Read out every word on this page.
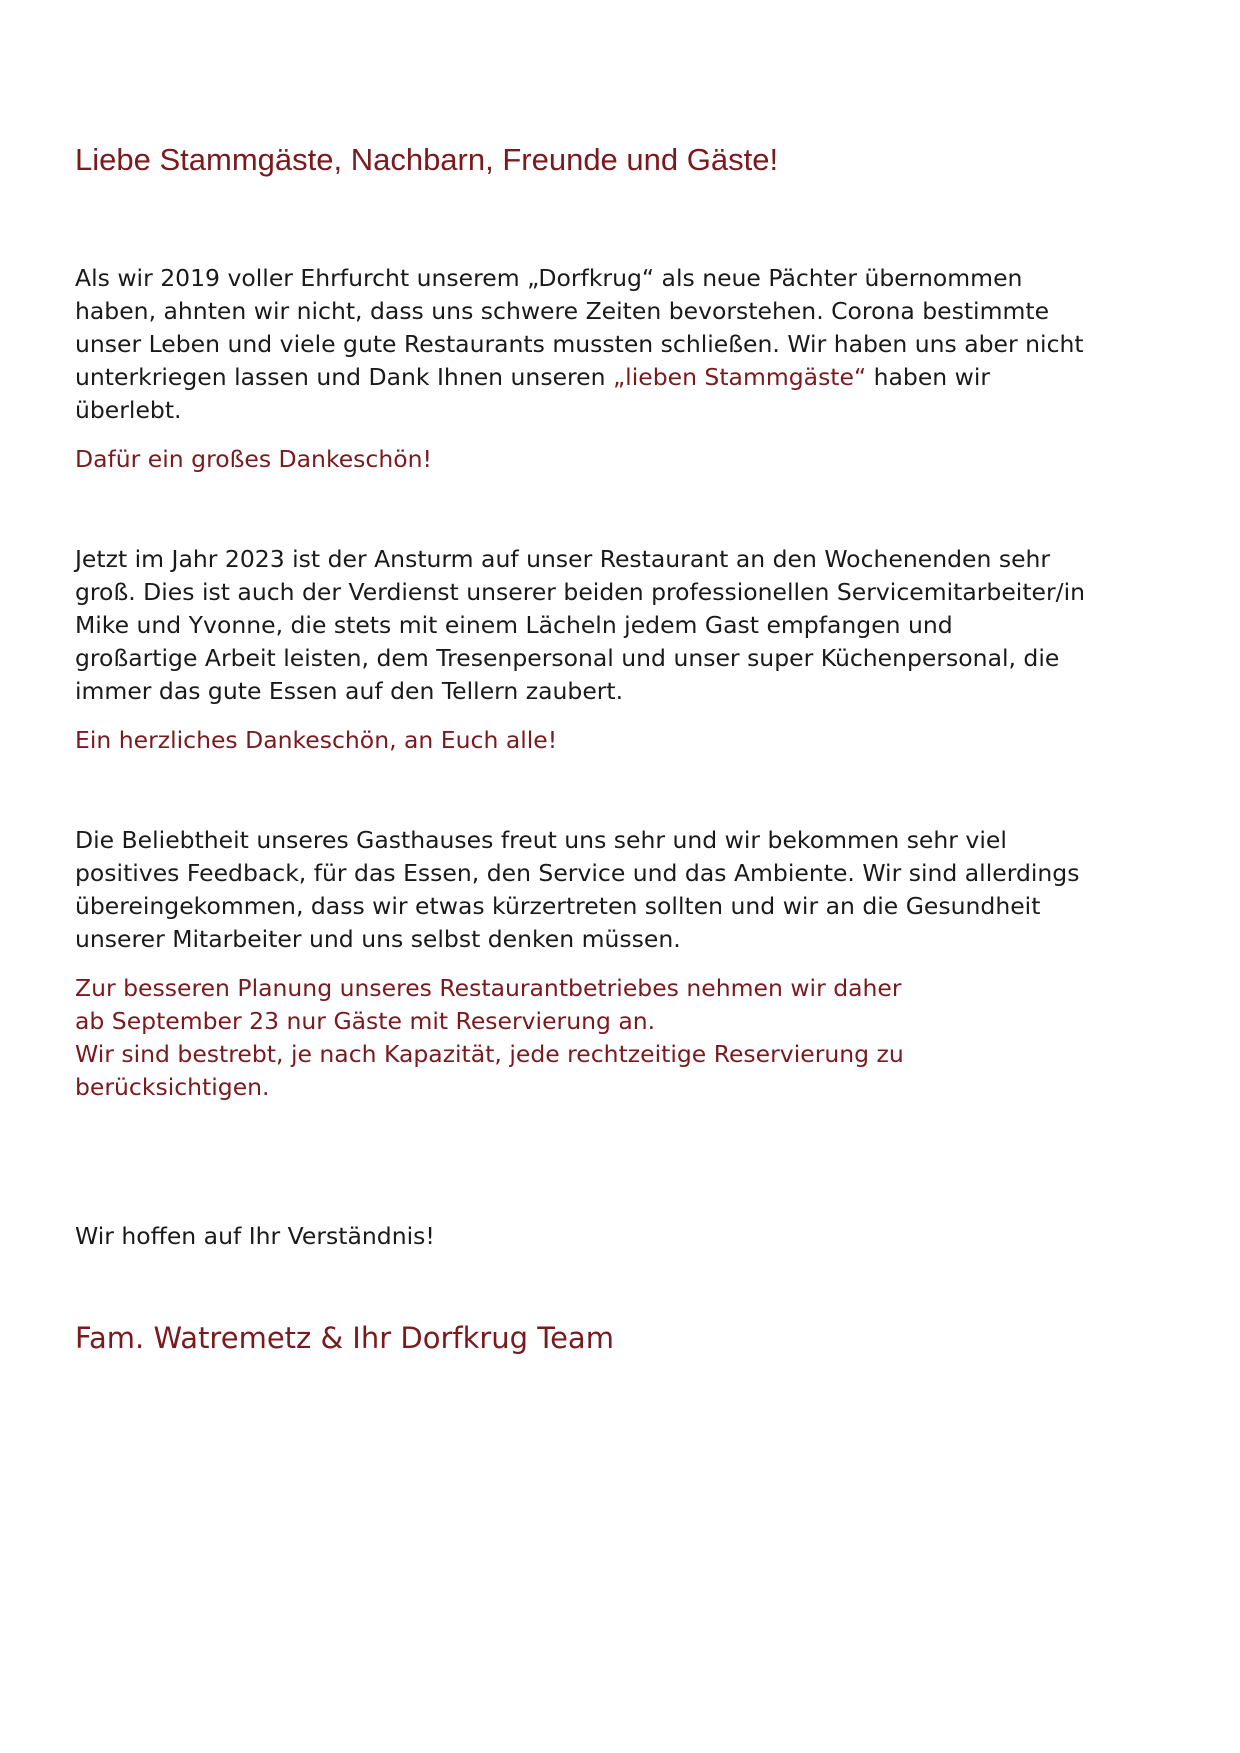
Liebe Stammgäste, Nachbarn, Freunde und Gäste!

Als wir 2019 voller Ehrfurcht unserem „Dorfkrug“ als neue Pächter übernommen
haben, ahnten wir nicht, dass uns schwere Zeiten bevorstehen. Corona bestimmte
unser Leben und viele gute Restaurants mussten schließen. Wir haben uns aber nicht
unterkriegen lassen und Dank Ihnen unseren „lieben Stammgäste“ haben wir
überlebt.

Dafür ein großes Dankeschön!

Jetzt im Jahr 2023 ist der Ansturm auf unser Restaurant an den Wochenenden sehr
groß. Dies ist auch der Verdienst unserer beiden professionellen Servicemitarbeiter/in
Mike und Yvonne, die stets mit einem Lächeln jedem Gast empfangen und
großartige Arbeit leisten, dem Tresenpersonal und unser super Küchenpersonal, die
immer das gute Essen auf den Tellern zaubert.

Ein herzliches Dankeschön, an Euch alle!

Die Beliebtheit unseres Gasthauses freut uns sehr und wir bekommen sehr viel
positives Feedback, für das Essen, den Service und das Ambiente. Wir sind allerdings
übereingekommen, dass wir etwas kürzertreten sollten und wir an die Gesundheit
unserer Mitarbeiter und uns selbst denken müssen.

Zur besseren Planung unseres Restaurantbetriebes nehmen wir daher
ab September 23 nur Gäste mit Reservierung an.
Wir sind bestrebt, je nach Kapazität, jede rechtzeitige Reservierung zu
berücksichtigen.

Wir hoffen auf Ihr Verständnis!

Fam. Watremetz & Ihr Dorfkrug Team
